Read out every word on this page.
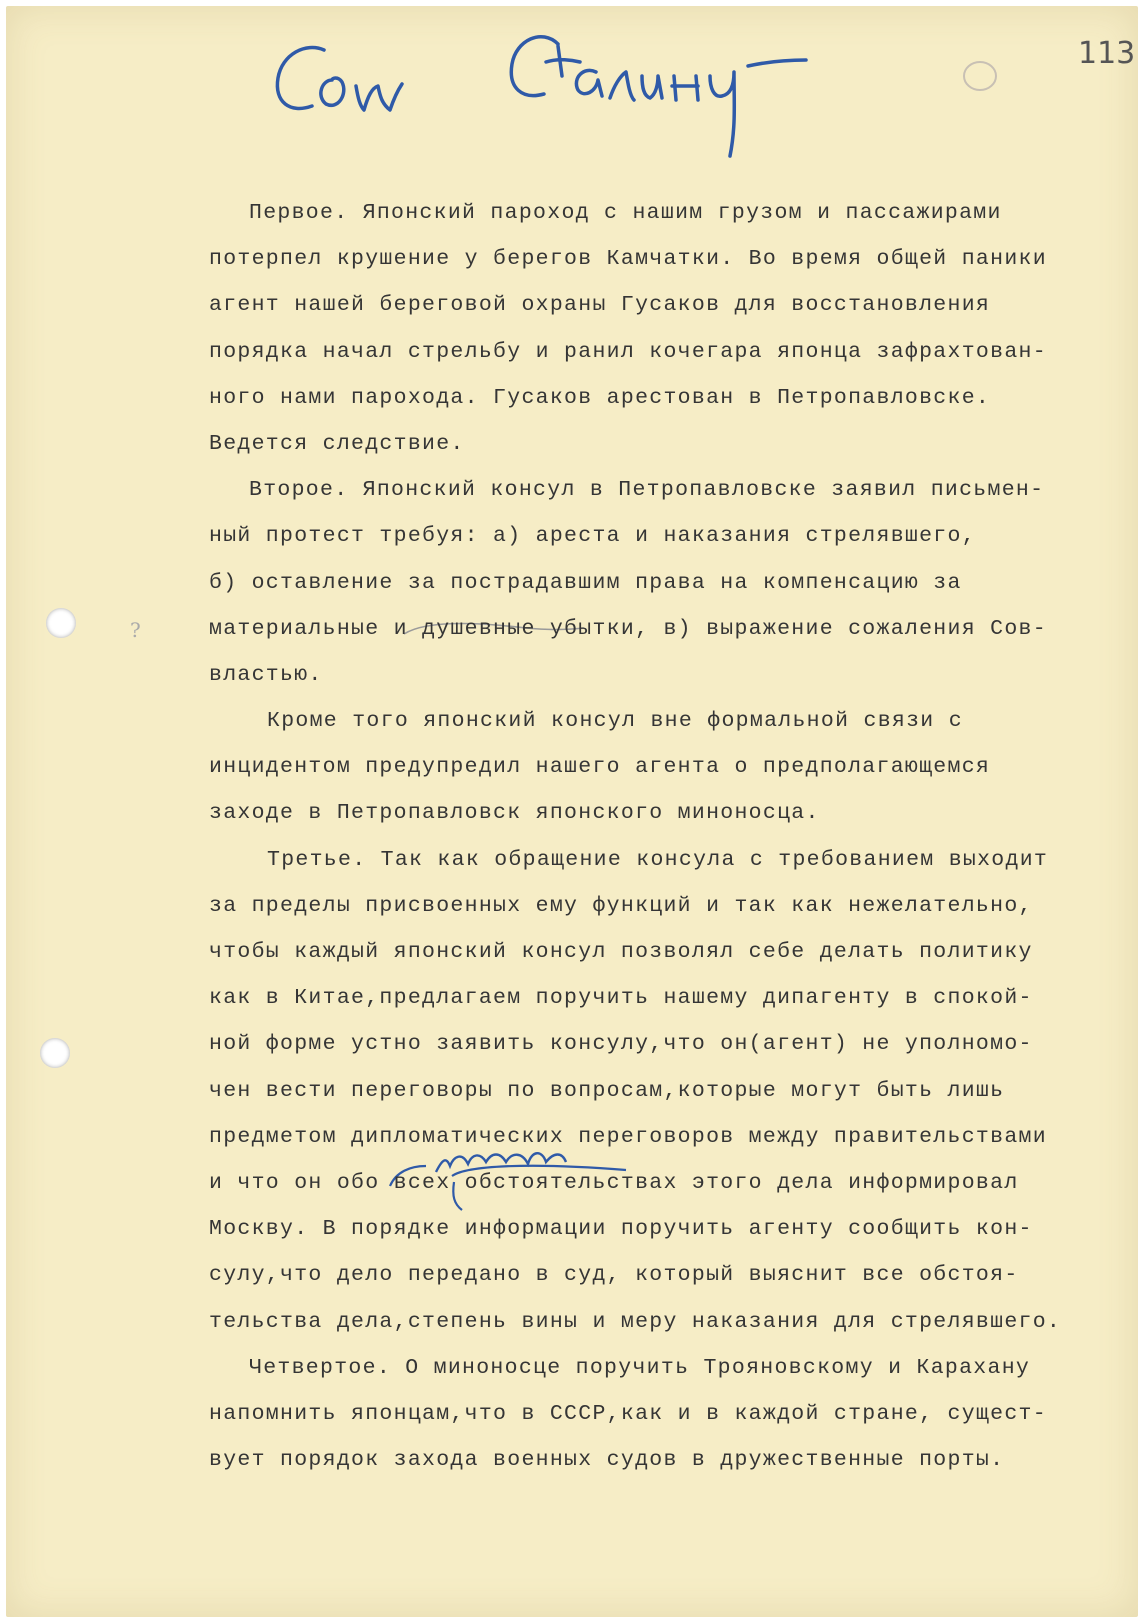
113
?
Первое. Японский пароход с нашим грузом и пассажирами
потерпел крушение у берегов Камчатки. Во время общей паники
агент нашей береговой охраны Гусаков для восстановления
порядка начал стрельбу и ранил кочегара японца зафрахтован-
ного нами парохода. Гусаков арестован в Петропавловске.
Ведется следствие.
Второе. Японский консул в Петропавловске заявил письмен-
ный протест требуя: а) ареста и наказания стрелявшего,
б) оставление за пострадавшим права на компенсацию за
материальные и душевные убытки, в) выражение сожаления Сов-
властью.
Кроме того японский консул вне формальной связи с
инцидентом предупредил нашего агента о предполагающемся
заходе в Петропавловск японского миноносца.
Третье. Так как обращение консула с требованием выходит
за пределы присвоенных ему функций и так как нежелательно,
чтобы каждый японский консул позволял себе делать политику
как в Китае,предлагаем поручить нашему дипагенту в спокой-
ной форме устно заявить консулу,что он(агент) не уполномо-
чен вести переговоры по вопросам,которые могут быть лишь
предметом дипломатических переговоров между правительствами
и что он обо всех обстоятельствах этого дела информировал
Москву. В порядке информации поручить агенту сообщить кон-
сулу,что дело передано в суд, который выяснит все обстоя-
тельства дела,степень вины и меру наказания для стрелявшего.
Четвертое. О миноносце поручить Трояновскому и Карахану
напомнить японцам,что в СССР,как и в каждой стране, сущест-
вует порядок захода военных судов в дружественные порты.
